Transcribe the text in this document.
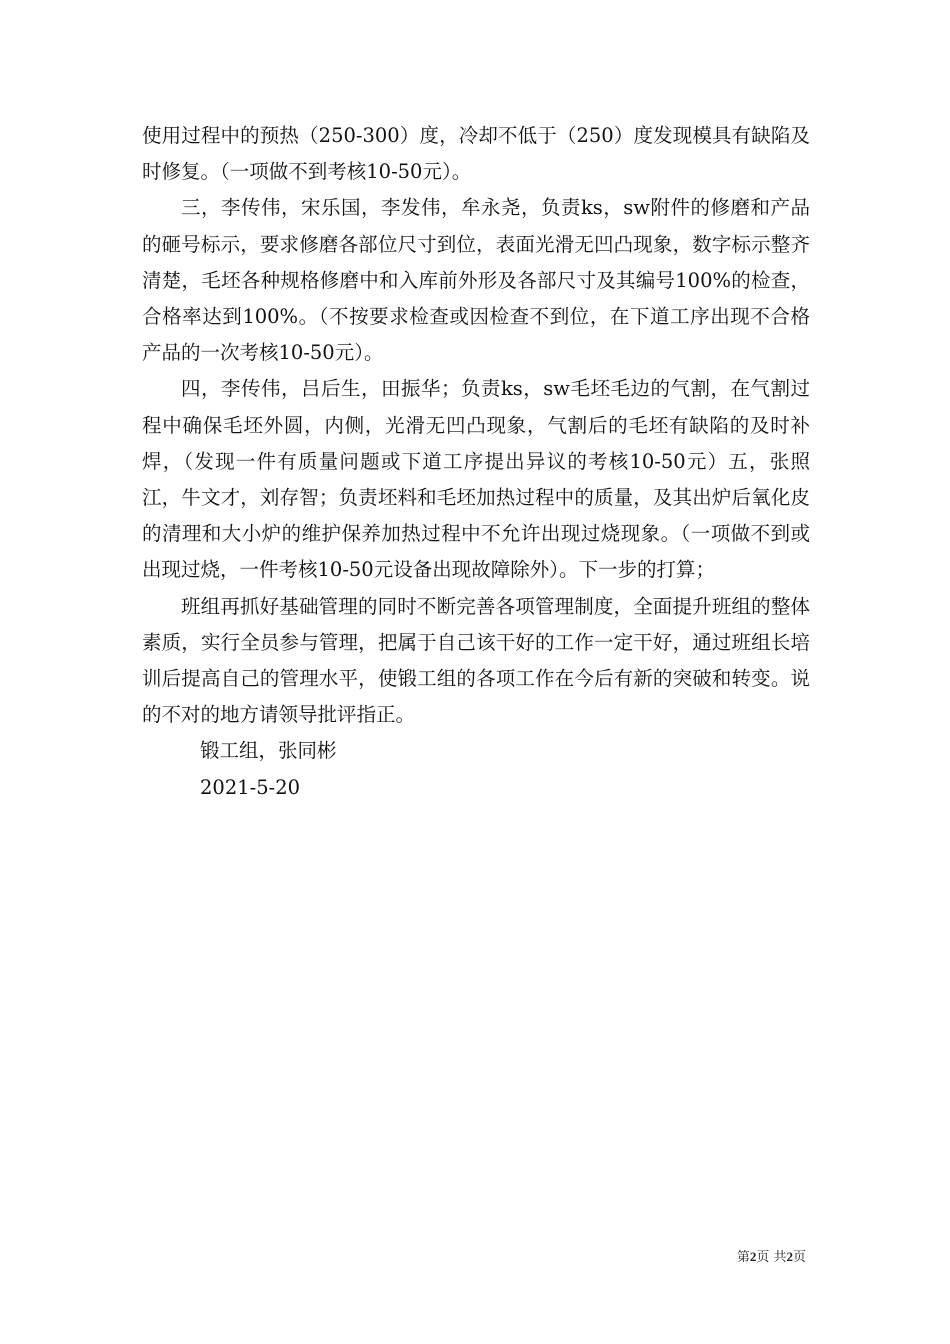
使用过程中的预热（250-300）度，冷却不低于（250）度发现模具有缺陷及时修复。（一项做不到考核10-50元）。

三，李传伟，宋乐国，李发伟，牟永尧，负责ks，sw附件的修磨和产品的砸号标示，要求修磨各部位尺寸到位，表面光滑无凹凸现象，数字标示整齐清楚，毛坯各种规格修磨中和入库前外形及各部尺寸及其编号100%的检查，合格率达到100%。（不按要求检查或因检查不到位，在下道工序出现不合格产品的一次考核10-50元）。

四，李传伟，吕后生，田振华；负责ks，sw毛坯毛边的气割，在气割过程中确保毛坯外圆，内侧，光滑无凹凸现象，气割后的毛坯有缺陷的及时补焊，（发现一件有质量问题或下道工序提出异议的考核10-50元）五，张照江，牛文才，刘存智；负责坯料和毛坯加热过程中的质量，及其出炉后氧化皮的清理和大小炉的维护保养加热过程中不允许出现过烧现象。（一项做不到或出现过烧，一件考核10-50元设备出现故障除外）。下一步的打算；

班组再抓好基础管理的同时不断完善各项管理制度，全面提升班组的整体素质，实行全员参与管理，把属于自己该干好的工作一定干好，通过班组长培训后提高自己的管理水平，使锻工组的各项工作在今后有新的突破和转变。说的不对的地方请领导批评指正。

锻工组，张同彬

2021-5-20

第2页 共2页
